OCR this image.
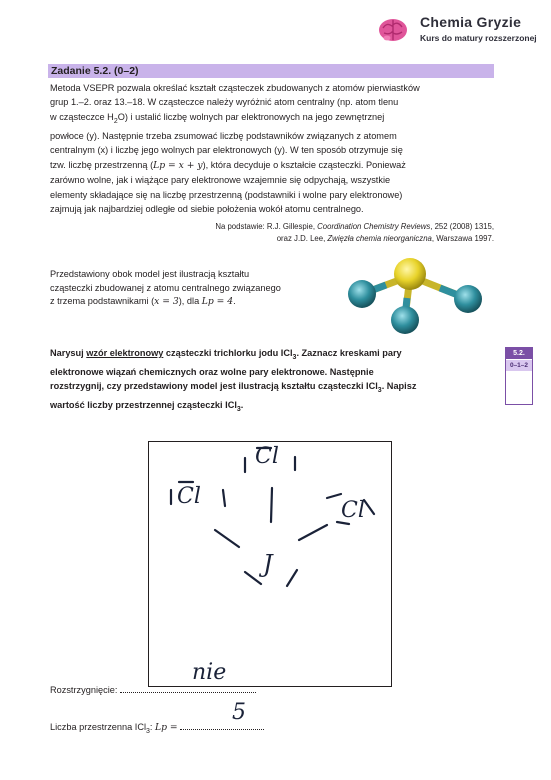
Chemia Gryzie
Kurs do matury rozszerzonej
Zadanie 5.2. (0–2)
Metoda VSEPR pozwala określać kształt cząsteczek zbudowanych z atomów pierwiastków
grup 1.–2. oraz 13.–18. W cząsteczce należy wyróżnić atom centralny (np. atom tlenu
w cząsteczce $H_2O$) i ustalić liczbę wolnych par elektronowych na jego zewnętrznej
powłoce (y). Następnie trzeba zsumować liczbę podstawników związanych z atomem
centralnym (x) i liczbę jego wolnych par elektronowych (y). W ten sposób otrzymuje się
tzw. liczbę przestrzenną (Lp = x + y), która decyduje o kształcie cząsteczki. Ponieważ
zarówno wolne, jak i wiążące pary elektronowe wzajemnie się odpychają, wszystkie
elementy składające się na liczbę przestrzenną (podstawniki i wolne pary elektronowe)
zajmują jak najbardziej odległe od siebie położenia wokół atomu centralnego.
Na podstawie: R.J. Gillespie, Coordination Chemistry Reviews, 252 (2008) 1315,
oraz J.D. Lee, Zwięzła chemia nieorganiczna, Warszawa 1997.
Przedstawiony obok model jest ilustracją kształtu
cząsteczki zbudowanej z atomu centralnego związanego
z trzema podstawnikami (x = 3), dla Lp = 4.
Narysuj wzór elektronowy cząsteczki trichlorku jodu ICl$_3$. Zaznacz kreskami pary
elektronowe wiązań chemicznych oraz wolne pary elektronowe. Następnie
rozstrzygnij, czy przedstawiony model jest ilustracją kształtu cząsteczki ICl$_3$. Napisz
wartość liczby przestrzennej cząsteczki ICl$_3$.
5.2.
0–1–2
Cl
Cl
Cl
J
Rozstrzygnięcie:
nie
Liczba przestrzenna ICl$_3$: Lp =
5
